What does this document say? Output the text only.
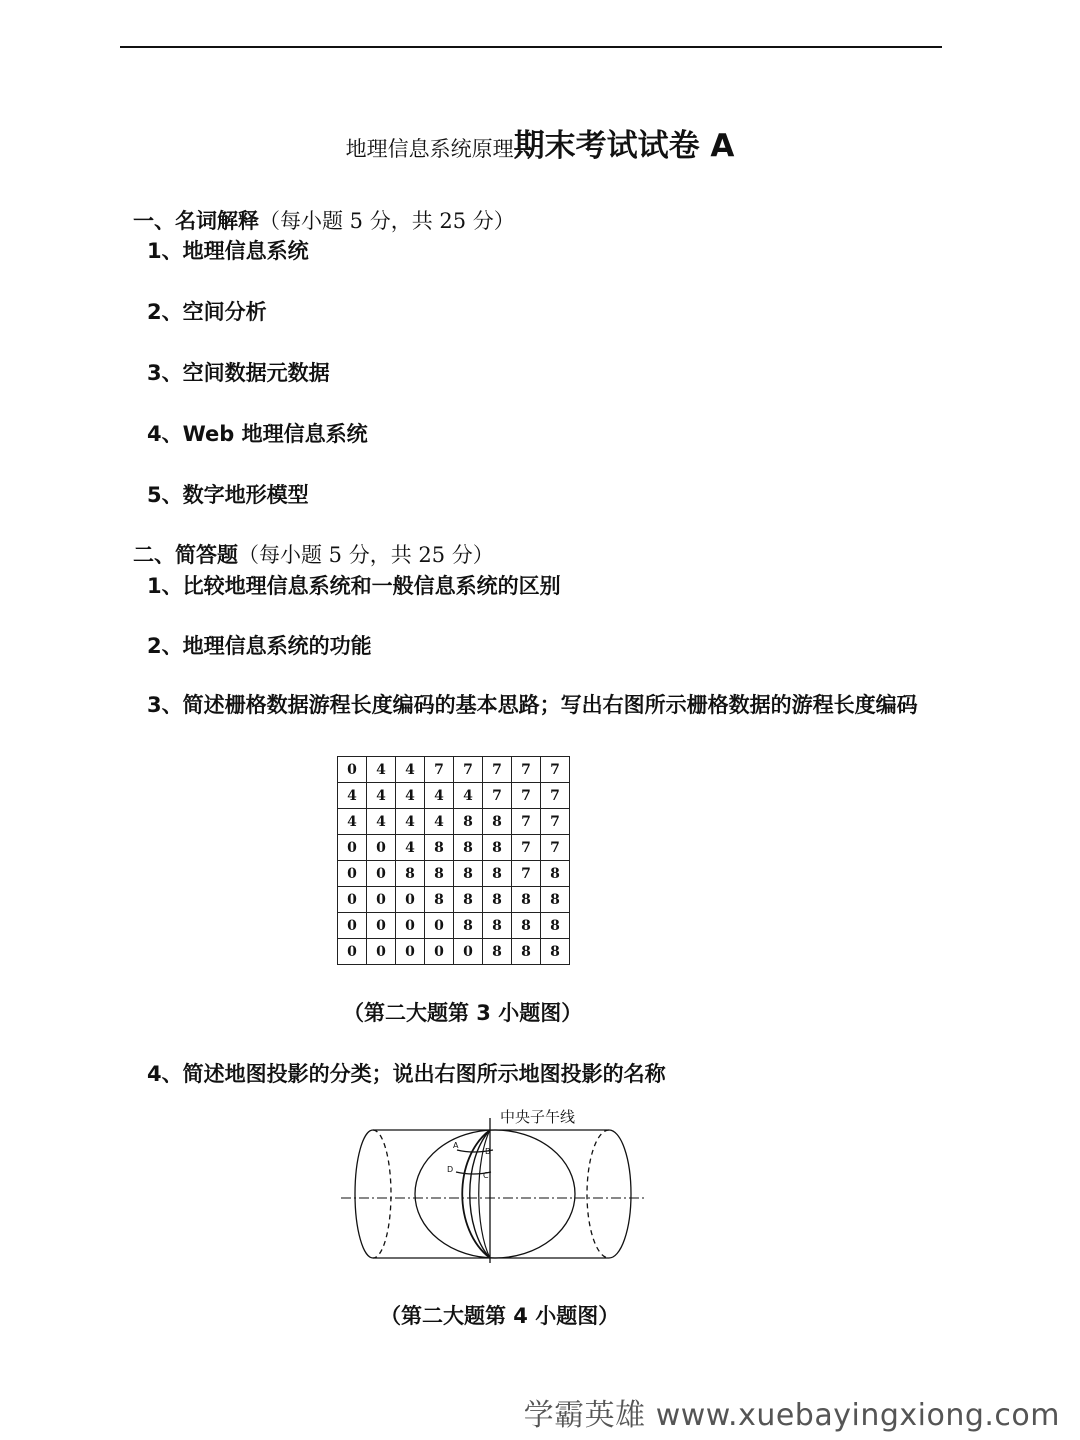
地理信息系统原理期末考试试卷 A
一、名词解释（每小题 5 分，共 25 分）
1、地理信息系统
2、空间分析
3、空间数据元数据
4、Web 地理信息系统
5、数字地形模型
二、简答题（每小题 5 分，共 25 分）
1、比较地理信息系统和一般信息系统的区别
2、地理信息系统的功能
3、简述栅格数据游程长度编码的基本思路；写出右图所示栅格数据的游程长度编码
0	4	4	7	7	7	7	7
4	4	4	4	4	7	7	7
4	4	4	4	8	8	7	7
0	0	4	8	8	8	7	7
0	0	8	8	8	8	7	8
0	0	0	8	8	8	8	8
0	0	0	0	8	8	8	8
0	0	0	0	0	8	8	8
（第二大题第 3 小题图）
4、简述地图投影的分类；说出右图所示地图投影的名称
中央子午线
A
B
C
D
（第二大题第 4 小题图）
学霸英雄 www.xuebayingxiong.com
